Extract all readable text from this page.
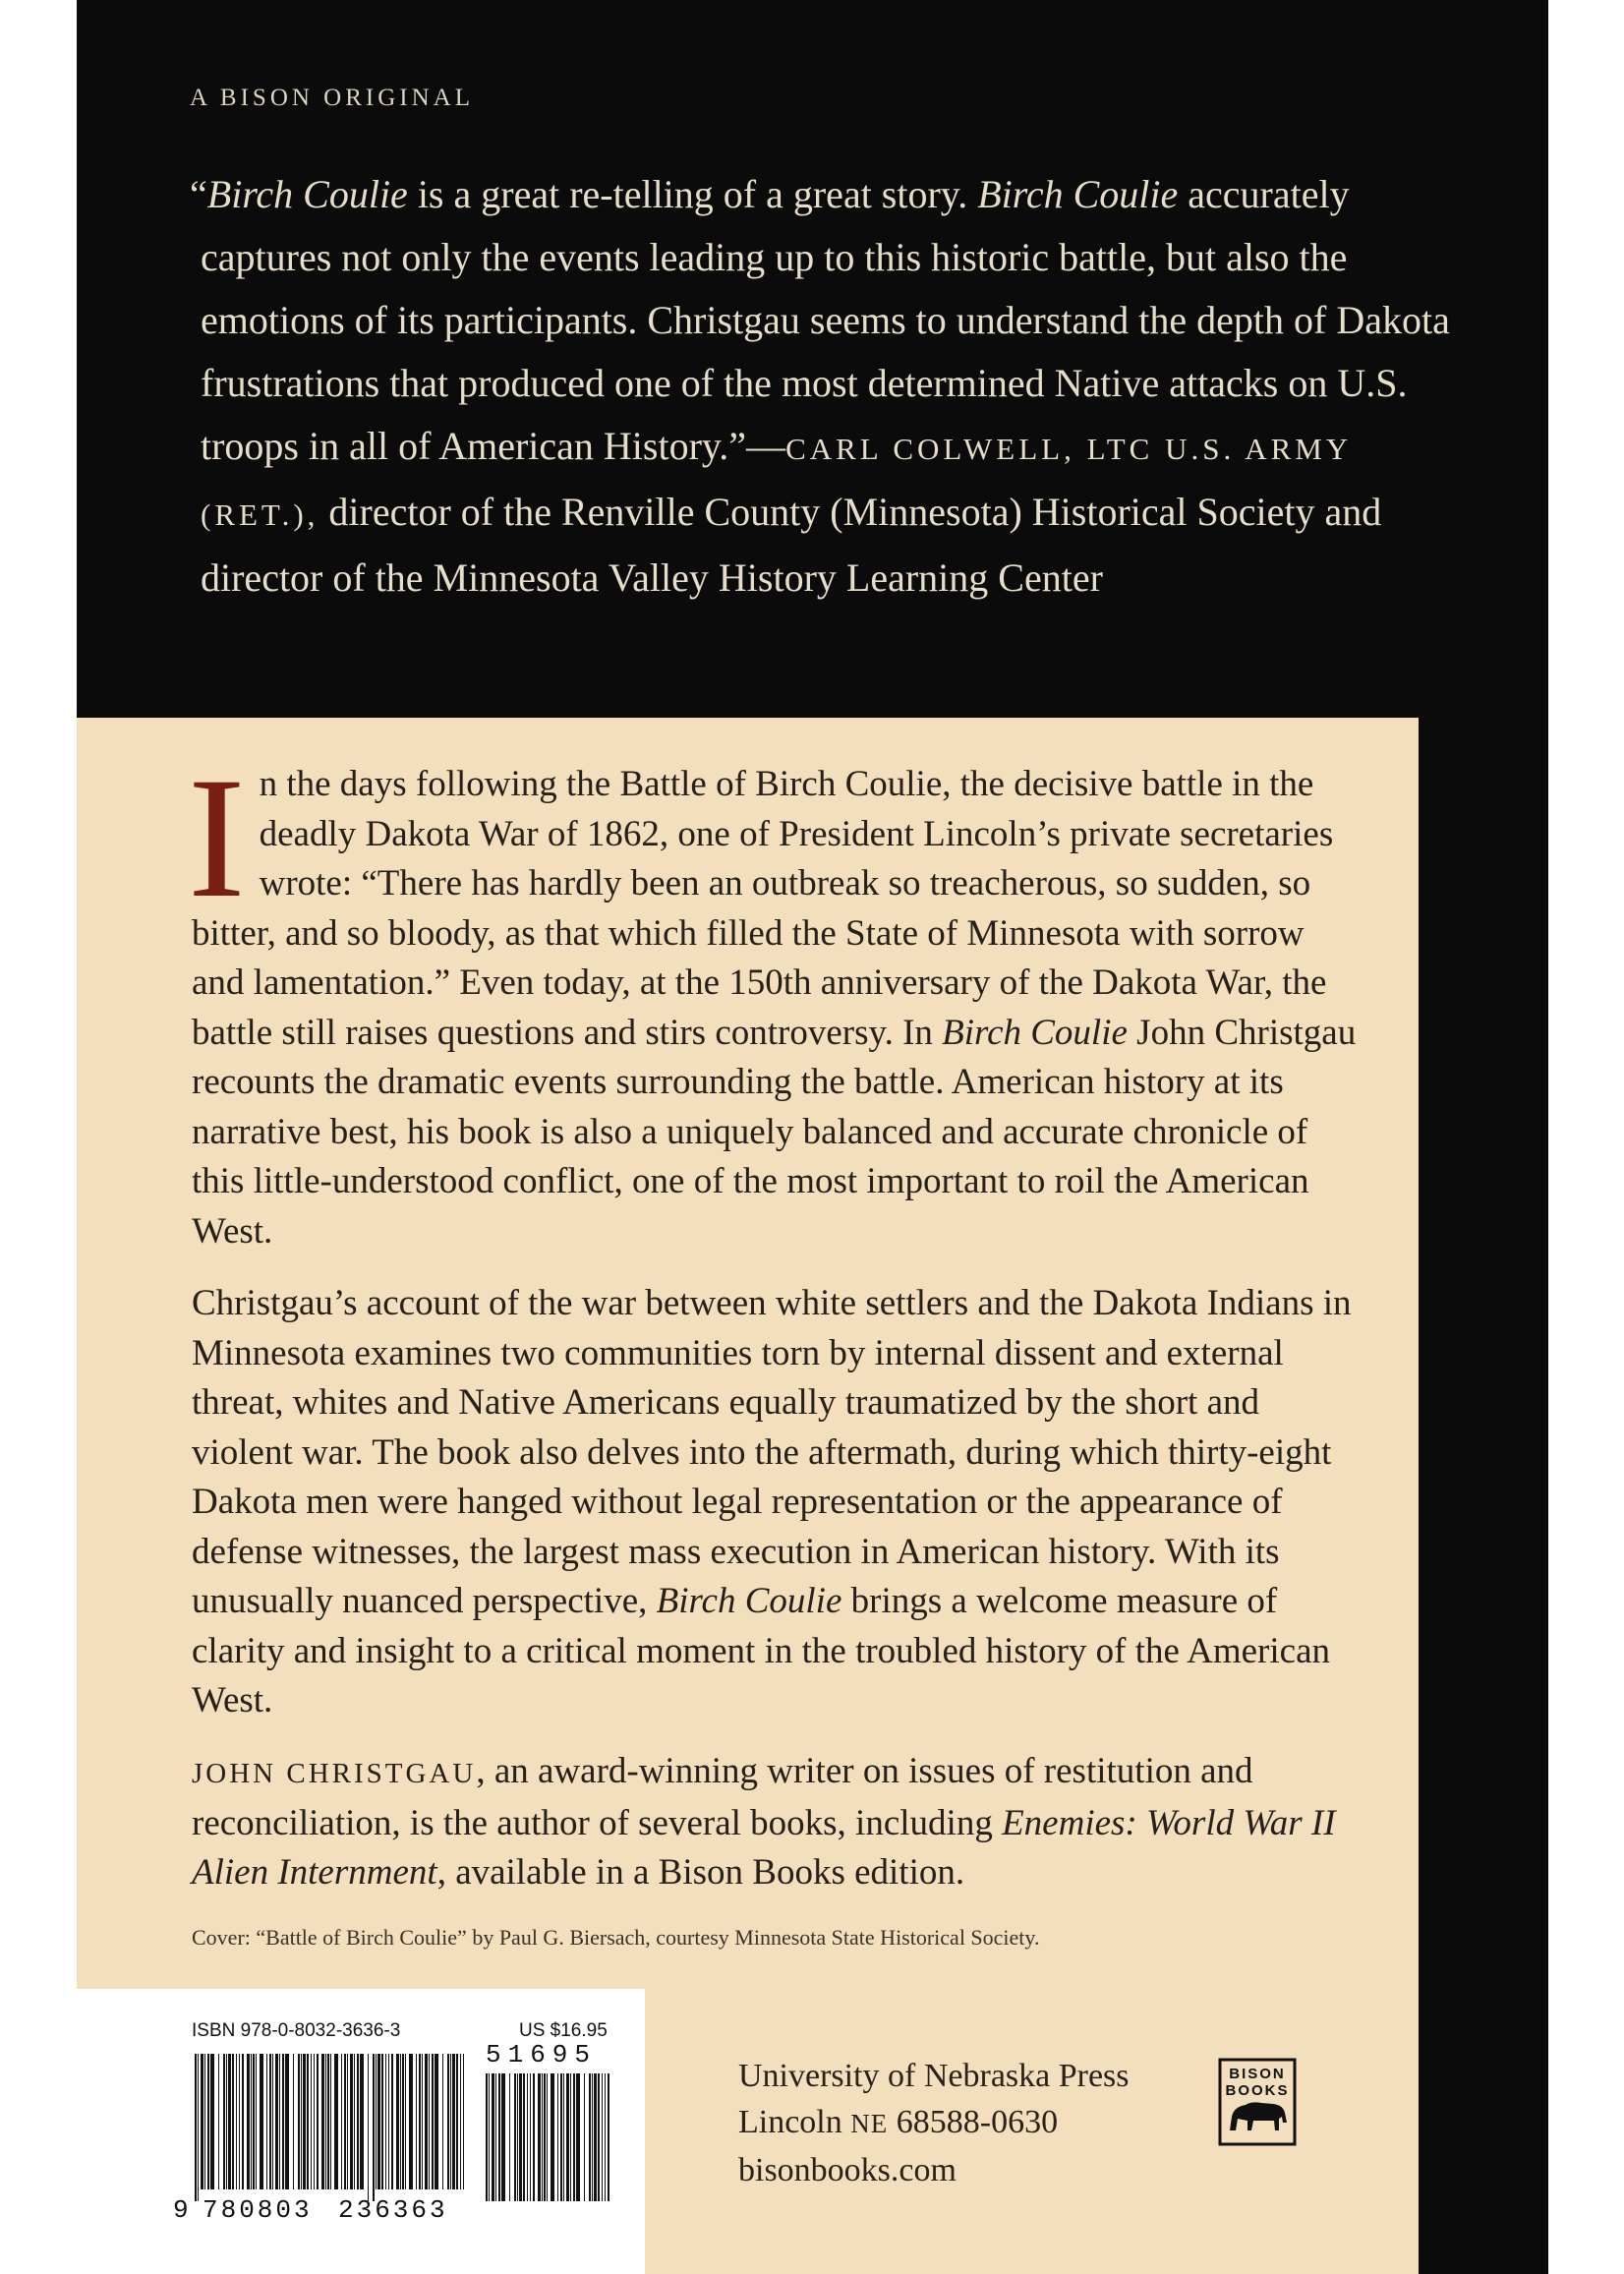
A BISON ORIGINAL
“Birch Coulie is a great re-telling of a great story. Birch Coulie accurately captures not only the events leading up to this historic battle, but also the emotions of its participants. Christgau seems to understand the depth of Dakota frustrations that produced one of the most determined Native attacks on U.S. troops in all of American History.”—CARL COLWELL, LTC U.S. ARMY (RET.), director of the Renville County (Minnesota) Historical Society and director of the Minnesota Valley History Learning Center

In the days following the Battle of Birch Coulie, the decisive battle in the deadly Dakota War of 1862, one of President Lincoln’s private secretaries wrote: “There has hardly been an outbreak so treacherous, so sudden, so bitter, and so bloody, as that which filled the State of Minnesota with sorrow and lamentation.” Even today, at the 150th anniversary of the Dakota War, the battle still raises questions and stirs controversy. In Birch Coulie John Christgau recounts the dramatic events surrounding the battle. American history at its narrative best, his book is also a uniquely balanced and accurate chronicle of this little-understood conflict, one of the most important to roil the American West.

Christgau’s account of the war between white settlers and the Dakota Indians in Minnesota examines two communities torn by internal dissent and external threat, whites and Native Americans equally traumatized by the short and violent war. The book also delves into the aftermath, during which thirty-eight Dakota men were hanged without legal representation or the appearance of defense witnesses, the largest mass execution in American history. With its unusually nuanced perspective, Birch Coulie brings a welcome measure of clarity and insight to a critical moment in the troubled history of the American West.

JOHN CHRISTGAU, an award-winning writer on issues of restitution and reconciliation, is the author of several books, including Enemies: World War II Alien Internment, available in a Bison Books edition.

Cover: “Battle of Birch Coulie” by Paul G. Biersach, courtesy Minnesota State Historical Society.
ISBN 978-0-8032-3636-3	US $16.95
51695
9 780803 236363
University of Nebraska Press
Lincoln NE 68588-0630
bisonbooks.com
BISON
BOOKS
